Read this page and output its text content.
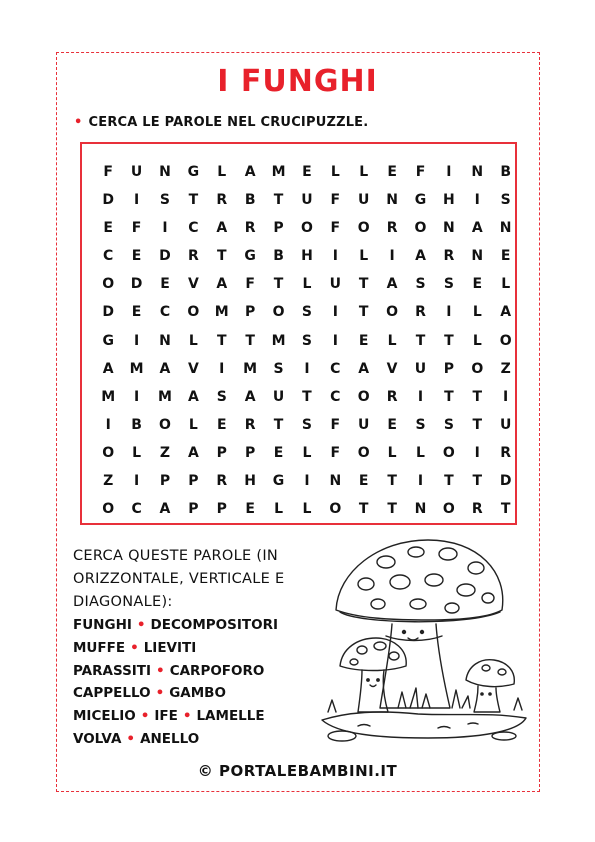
I FUNGHI
• CERCA LE PAROLE NEL CRUCIPUZZLE.
F	U	N	G	L	A	M	E	L	L	E	F	I	N	B
D	I	S	T	R	B	T	U	F	U	N	G	H	I	S
E	F	I	C	A	R	P	O	F	O	R	O	N	A	N
C	E	D	R	T	G	B	H	I	L	I	A	R	N	E
O	D	E	V	A	F	T	L	U	T	A	S	S	E	L
D	E	C	O	M	P	O	S	I	T	O	R	I	L	A
G	I	N	L	T	T	M	S	I	E	L	T	T	L	O
A	M	A	V	I	M	S	I	C	A	V	U	P	O	Z
M	I	M	A	S	A	U	T	C	O	R	I	T	T	I
I	B	O	L	E	R	T	S	F	U	E	S	S	T	U
O	L	Z	A	P	P	E	L	F	O	L	L	O	I	R
Z	I	P	P	R	H	G	I	N	E	T	I	T	T	D
O	C	A	P	P	E	L	L	O	T	T	N	O	R	T
CERCA QUESTE PAROLE (IN ORIZZONTALE, VERTICALE E DIAGONALE):
FUNGHI • DECOMPOSITORI
MUFFE • LIEVITI
PARASSITI • CARPOFORO
CAPPELLO • GAMBO
MICELIO • IFE • LAMELLE
VOLVA • ANELLO
© PORTALEBAMBINI.IT
